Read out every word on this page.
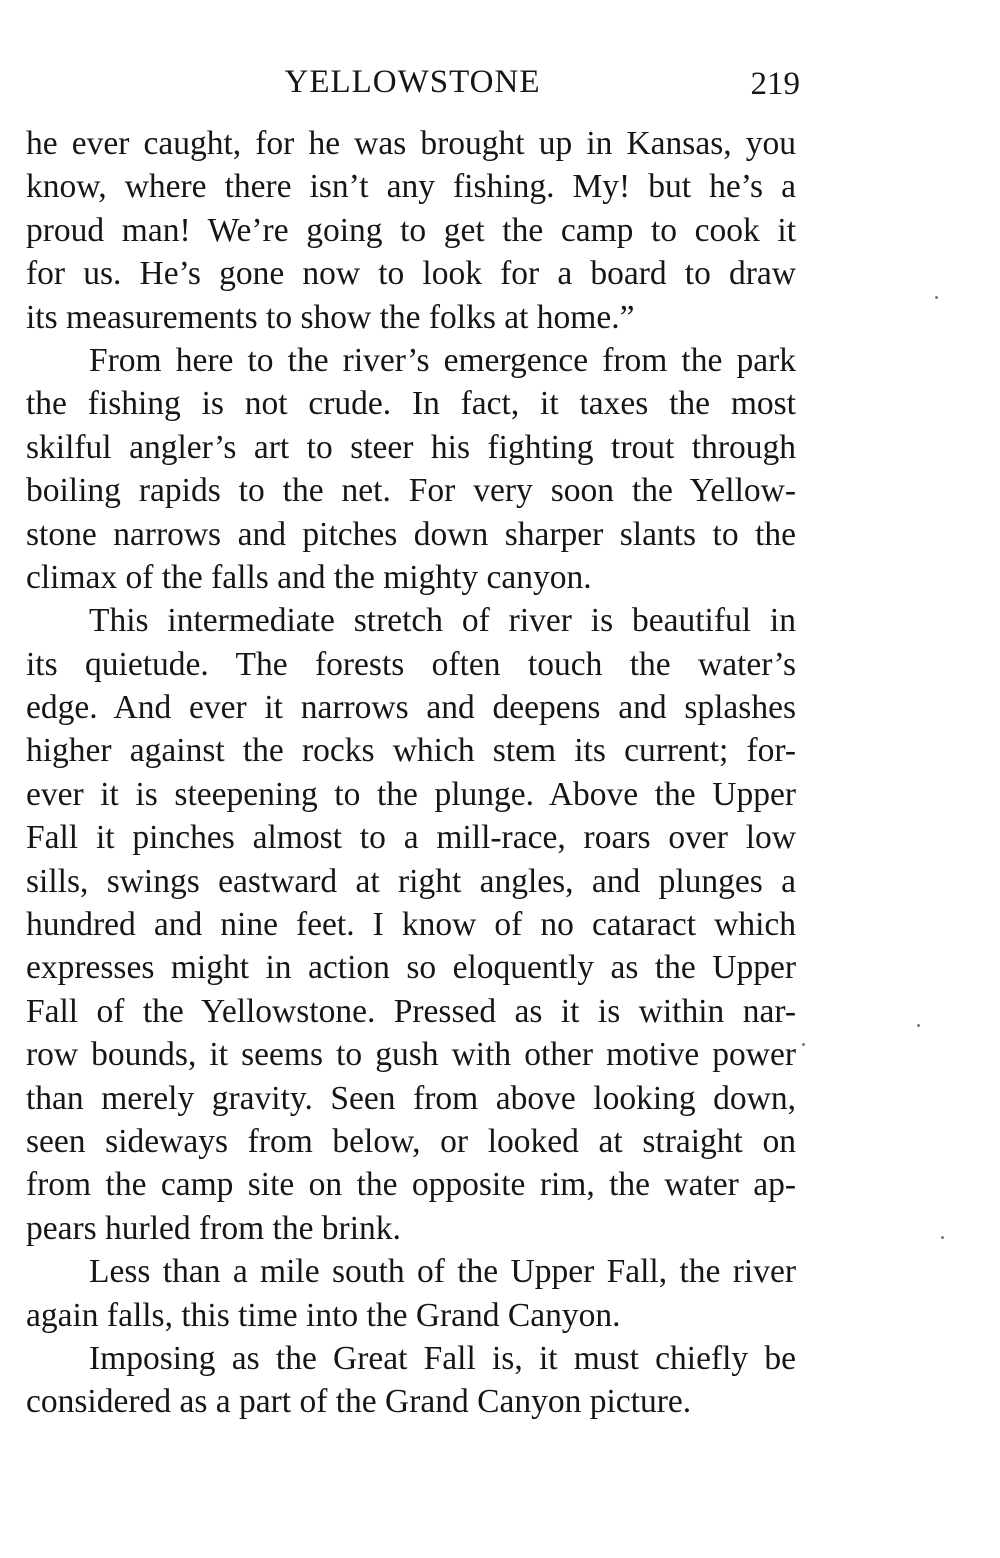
YELLOWSTONE	219
he ever caught, for he was brought up in Kansas, you
know, where there isn’t any fishing. My! but he’s a
proud man! We’re going to get the camp to cook it
for us. He’s gone now to look for a board to draw
its measurements to show the folks at home.”
From here to the river’s emergence from the park
the fishing is not crude. In fact, it taxes the most
skilful angler’s art to steer his fighting trout through
boiling rapids to the net. For very soon the Yellow-
stone narrows and pitches down sharper slants to the
climax of the falls and the mighty canyon.
This intermediate stretch of river is beautiful in
its quietude. The forests often touch the water’s
edge. And ever it narrows and deepens and splashes
higher against the rocks which stem its current; for-
ever it is steepening to the plunge. Above the Upper
Fall it pinches almost to a mill-race, roars over low
sills, swings eastward at right angles, and plunges a
hundred and nine feet. I know of no cataract which
expresses might in action so eloquently as the Upper
Fall of the Yellowstone. Pressed as it is within nar-
row bounds, it seems to gush with other motive power
than merely gravity. Seen from above looking down,
seen sideways from below, or looked at straight on
from the camp site on the opposite rim, the water ap-
pears hurled from the brink.
Less than a mile south of the Upper Fall, the river
again falls, this time into the Grand Canyon.
Imposing as the Great Fall is, it must chiefly be
considered as a part of the Grand Canyon picture.
